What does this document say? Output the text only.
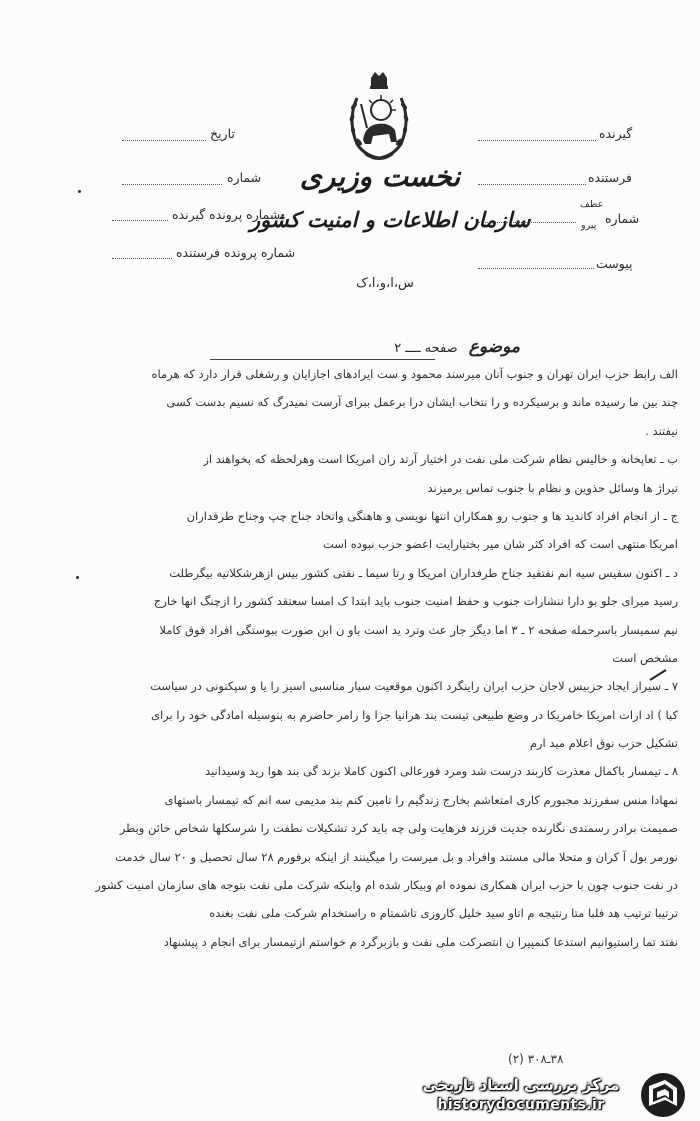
نخست وزیری
سازمان اطلاعات و امنیت کشور
س،ا،و،ا،ک
گیرنده
فرستنده
شماره
عطف
پیرو
پیوست
تاریخ
شماره
شماره پرونده گیرنده
شماره پرونده فرستنده
موضوع صفحه ــــ ۲
الف رابط حزب ایران تهران و جنوب آنان میرسند محمود و ست ایرادهای اجازایان و رشغلی قرار دارد که هرماه
چند بین ما رسیده ماند و برسیکرده و را نتخاب ایشان درا برعمل ببرای آرست نمیدرگ که نسیم بدست کسی
نیفتند .
ب ـ تعاپخانه و خالیس نظام شرکت ملی نفت در اختیار آرتد ران امریکا است وهرلحظه که بخواهند از
تیراژ ها وسائل حذوین و نظام با جنوب تماس برمیزند
ج ـ از انجام افراد کاندید ها و جنوب رو همکاران انتها نویسی و هاهنگی واتحاد جناح چپ وجناح طرفداران
امریکا منتهی است که افراد کثر شان میر بختیارایت اعضو حزب نبوده است
د ـ اکنون سفیس سیه انم نفتفید جناح طرفداران امریکا و رتا سیما ـ نفتی کشور بیس ازهرشکلاتیه بیگرطلت
رسید میرای جلو بو دارا ننشارات جنوب و حفظ امنیت جنوب باید ابتدا ک امسا سعتقد کشور را ازچنگ انها خارج
نیم سمیسار باسرحمله صفحه ۲ ـ ۳ اما دیگر جار عث وترد ید است باو ن ابن صورت ببوستگی افراد فوق کاملا
مشخص است
۷ ـ سیراز ایجاد حزبیس لاجان حزب ایران راینگرد اکنون موقعیت سیار مناسبی اسیز را یا و سپکنونی در سیاست
کبا ) اد ارات امریکا خامریکا در وضع طبیعی تیست بند هرانیا جرا وا رامر حاضرم به بنوسیله امادگی خود را برای
تشکیل حزب نوق اعلام مید ارم
۸ ـ تیمسار باکمال معذرت کاربند درست شد ومرد فورعالی اکنون کاملا بزند گی بند هوا رید وسیدانید
نمهادا منس سفرزند مجبورم کاری امتعاشم بخارج زندگیم را تامین کنم بند مدیمی سه انم که تیمسار باستهای
صمیمت برادر رسمندی نگارنده جدیت فرزند فرهایت ولی چه باید کرد تشکیلات نطفت را شرسکلها شخاص خائن وبطر
نورمر بول آ کران و متحلا مالی مستند وافراد و بل میرست را میگینند از اینکه برفورم ۲۸ سال تحصیل و ۲۰ سال خدمت
در نفت جنوب چون با حزب ایران همکاری نموده ام وبیکار شده ام واینکه شرکت ملی نفت بتوجه های سازمان امنیت کشور
ترتیبا ترتیب هد فلبا متا رنتیجه م اتاو سید خلیل کاروزی تاشمتام ه راستخدام شرکت ملی نفت بغنده
نفتد تما راستیوانیم استدعا کنمپیرا ن انتصرکت ملی نفت و بازبرگرد م خواستم ازتیمسار برای انجام د پیشنهاد
۳۸ـ۳۰۸ (۲)
مرکز بررسی اسناد تاریخی
historydocuments.ir
